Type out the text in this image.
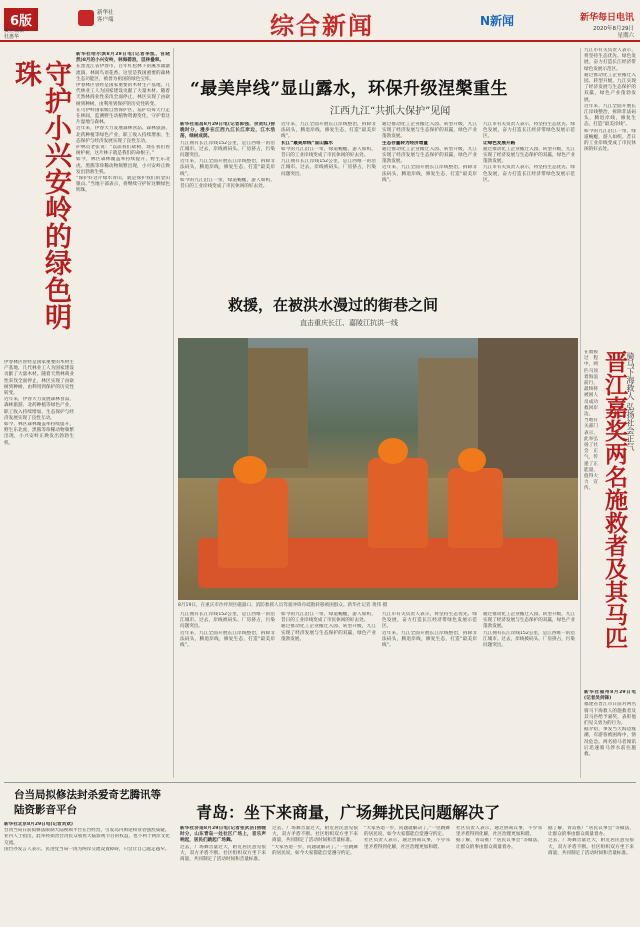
6版
责任编辑
杜惠华
新华社
客户端	综合新闻	N新闻	新华每日电讯
2020年8月29日
星期六
守护小兴安岭的绿色明珠

新华社哈尔滨8月29日电(记者李凯、宫晓然)8月的小兴安岭，林海碧浪，层林叠翠。

在黑龙江省伊春市，百年红松林下的溪水潺潺流淌，林间鸟语花香。这里是我国重要的森林生态功能区，被誉为祖国的绿色宝库。

伊春林区曾经是国家重要的木材生产基地，几代林业工人为国家建设贡献了大量木材。随着天然林商业性采伐全面停止，林区实现了由砍树到种树、由利用到保护的历史性转变。

在乌伊岭国家级自然保护区，巡护员每天行走在林间，监测野生动植物资源变化，守护着这片湿地与森林。

近年来，伊春大力发展森林食品、森林旅游、北药种植等绿色产业，职工收入持续增加，生态保护与经济发展实现了良性互动。

护林员老张说：“以前我们砍树，现在我们看树护树，这片林子就是我们的命根子。”

如今，林区森林覆盖率持续提升，野生东北虎、黑熊等珍稀动物频繁出现，小兴安岭正焕发出勃勃生机。

“保护好这片绿水青山，就是保护我们的金山银山。”当地干部表示，将继续守护好这颗绿色明珠。

伊春林区曾经是国家重要的木材生产基地，几代林业工人为国家建设贡献了大量木材。随着天然林商业性采伐全面停止，林区实现了由砍树到种树、由利用到保护的历史性转变。

近年来，伊春大力发展森林食品、森林旅游、北药种植等绿色产业，职工收入持续增加，生态保护与经济发展实现了良性互动。

如今，林区森林覆盖率持续提升，野生东北虎、黑熊等珍稀动物频繁出现，小兴安岭正焕发出勃勃生机。

“最美岸线”显山露水，环保升级涅槃重生
江西九江“共抓大保护”见闻

新华社南昌8月29日电(记者郭强、余贤红)傍晚时分，漫步在江西九江长江岸边，江水浩荡，绿树成荫。

九江拥有长江岸线152公里，是江西唯一的沿江城市。过去，岸线被码头、厂房挤占，污染问题突出。

近年来，九江全面开展长江岸线整治，拆除非法码头，腾退岸线，修复生态，打造“最美岸线”。

如今的九江沿江一带，绿道蜿蜒，游人如织，昔日的工业岸线变成了市民休闲的好去处。

近年来，九江全面开展长江岸线整治，拆除非法码头，腾退岸线，修复生态，打造“最美岸线”。

长江“最美岸线”显山露水

如今的九江沿江一带，绿道蜿蜒，游人如织，昔日的工业岸线变成了市民休闲的好去处。

九江拥有长江岸线152公里，是江西唯一的沿江城市。过去，岸线被码头、厂房挤占，污染问题突出。

通过推动化工企业搬迁入园、转型升级，九江实现了经济发展与生态保护的双赢，绿色产业蓬勃发展。

生态存量转为经济增量

通过推动化工企业搬迁入园、转型升级，九江实现了经济发展与生态保护的双赢，绿色产业蓬勃发展。

近年来，九江全面开展长江岸线整治，拆除非法码头，腾退岸线，修复生态，打造“最美岸线”。

九江市有关负责人表示，将坚持生态优先、绿色发展，奋力打造长江经济带绿色发展示范区。

让绿色发展开路

通过推动化工企业搬迁入园、转型升级，九江实现了经济发展与生态保护的双赢，绿色产业蓬勃发展。

九江市有关负责人表示，将坚持生态优先、绿色发展，奋力打造长江经济带绿色发展示范区。

救援，在被洪水漫过的街巷之间
直击重庆长江、嘉陵江抗洪一线
8月19日，在重庆市沙坪坝区磁器口，消防救援人员驾驶冲锋舟疏散转移被困群众。新华社记者 黄伟 摄

九江市有关负责人表示，将坚持生态优先、绿色发展，奋力打造长江经济带绿色发展示范区。

通过推动化工企业搬迁入园、转型升级，九江实现了经济发展与生态保护的双赢，绿色产业蓬勃发展。

近年来，九江全面开展长江岸线整治，拆除非法码头，腾退岸线，修复生态，打造“最美岸线”。

如今的九江沿江一带，绿道蜿蜒，游人如织，昔日的工业岸线变成了市民休闲的好去处。

晋江嘉奖两名施救者及其马匹
骑马下海救人 弘扬社会正气

新华社福州8月29日电(记者吴剑锋)

福建省晋江市日前对两名骑马下海救人的施救者及其马匹给予嘉奖，表彰他们见义勇为的行为。

据介绍，事发当天海边涨潮，有游客被困海中，情况危急。两名骑马者闻讯后迅速骑马涉水前往施救。

在救援过程中，两匹马顶着海浪前行，最终将被困人员成功救回岸边。

当地有关部门表示，此举弘扬了社会正气，传递了正能量，值得大力宣传。

九江拥有长江岸线152公里，是江西唯一的沿江城市。过去，岸线被码头、厂房挤占，污染问题突出。

近年来，九江全面开展长江岸线整治，拆除非法码头，腾退岸线，修复生态，打造“最美岸线”。

如今的九江沿江一带，绿道蜿蜒，游人如织，昔日的工业岸线变成了市民休闲的好去处。

通过推动化工企业搬迁入园、转型升级，九江实现了经济发展与生态保护的双赢，绿色产业蓬勃发展。

九江市有关负责人表示，将坚持生态优先、绿色发展，奋力打造长江经济带绿色发展示范区。

近年来，九江全面开展长江岸线整治，拆除非法码头，腾退岸线，修复生态，打造“最美岸线”。

通过推动化工企业搬迁入园、转型升级，九江实现了经济发展与生态保护的双赢，绿色产业蓬勃发展。

九江拥有长江岸线152公里，是江西唯一的沿江城市。过去，岸线被码头、厂房挤占，污染问题突出。

台当局拟修法封杀爱奇艺腾讯等陆资影音平台

新华社北京8月29日电(记者刘欢)

台湾当局日前拟修法限制大陆视频平台在台经营，引发岛内舆论和业者强烈质疑。

业内人士指出，此举将损害台湾民众收看大陆影视节目的权益，也不利于两岸文化交流。

国台办发言人表示，民进党当局一再为两岸交流设置障碍，只会让自己越走越窄。

青岛：坐下来商量，广场舞扰民问题解决了

新华社济南8月29日电(记者张武岳)傍晚时分，山东青岛一处社区广场上，音乐声响起，居民们跳起广场舞。

过去，广场舞音量过大，附近居民意见很大，双方矛盾不断。社区组织双方坐下来商量，共同制定了活动时间和音量标准。

过去，广场舞音量过大，附近居民意见很大，双方矛盾不断。社区组织双方坐下来商量，共同制定了活动时间和音量标准。

“大家各退一步，问题就解决了。”一位跳舞的居民说，如今大家都能自觉遵守约定。

“大家各退一步，问题就解决了。”一位跳舞的居民说，如今大家都能自觉遵守约定。

社区负责人表示，通过协商议事，不少邻里矛盾得到化解，社区治理更加和谐。

社区负责人表示，通过协商议事，不少邻里矛盾得到化解，社区治理更加和谐。

据了解，青岛推广“居民议事会”等做法，让群众的事由群众商量着办。

据了解，青岛推广“居民议事会”等做法，让群众的事由群众商量着办。

过去，广场舞音量过大，附近居民意见很大，双方矛盾不断。社区组织双方坐下来商量，共同制定了活动时间和音量标准。
